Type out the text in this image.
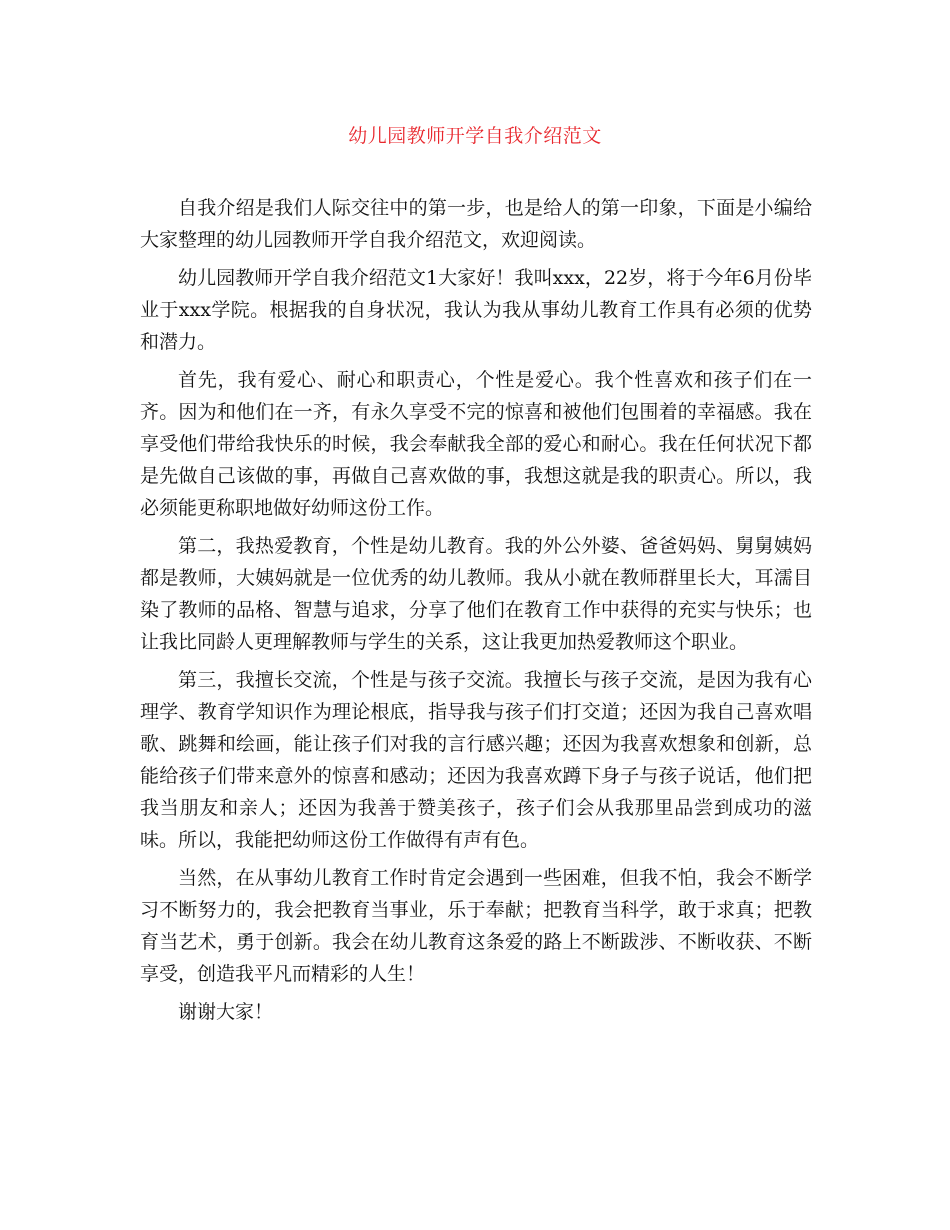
幼儿园教师开学自我介绍范文

自我介绍是我们人际交往中的第一步，也是给人的第一印象，下面是小编给大家整理的幼儿园教师开学自我介绍范文，欢迎阅读。

幼儿园教师开学自我介绍范文1大家好！我叫xxx，22岁，将于今年6月份毕业于xxx学院。根据我的自身状况，我认为我从事幼儿教育工作具有必须的优势和潜力。

首先，我有爱心、耐心和职责心，个性是爱心。我个性喜欢和孩子们在一齐。因为和他们在一齐，有永久享受不完的惊喜和被他们包围着的幸福感。我在享受他们带给我快乐的时候，我会奉献我全部的爱心和耐心。我在任何状况下都是先做自己该做的事，再做自己喜欢做的事，我想这就是我的职责心。所以，我必须能更称职地做好幼师这份工作。

第二，我热爱教育，个性是幼儿教育。我的外公外婆、爸爸妈妈、舅舅姨妈都是教师，大姨妈就是一位优秀的幼儿教师。我从小就在教师群里长大，耳濡目染了教师的品格、智慧与追求，分享了他们在教育工作中获得的充实与快乐；也让我比同龄人更理解教师与学生的关系，这让我更加热爱教师这个职业。

第三，我擅长交流，个性是与孩子交流。我擅长与孩子交流，是因为我有心理学、教育学知识作为理论根底，指导我与孩子们打交道；还因为我自己喜欢唱歌、跳舞和绘画，能让孩子们对我的言行感兴趣；还因为我喜欢想象和创新，总能给孩子们带来意外的惊喜和感动；还因为我喜欢蹲下身子与孩子说话，他们把我当朋友和亲人；还因为我善于赞美孩子，孩子们会从我那里品尝到成功的滋味。所以，我能把幼师这份工作做得有声有色。

当然，在从事幼儿教育工作时肯定会遇到一些困难，但我不怕，我会不断学习不断努力的，我会把教育当事业，乐于奉献；把教育当科学，敢于求真；把教育当艺术，勇于创新。我会在幼儿教育这条爱的路上不断跋涉、不断收获、不断享受，创造我平凡而精彩的人生！

谢谢大家！
